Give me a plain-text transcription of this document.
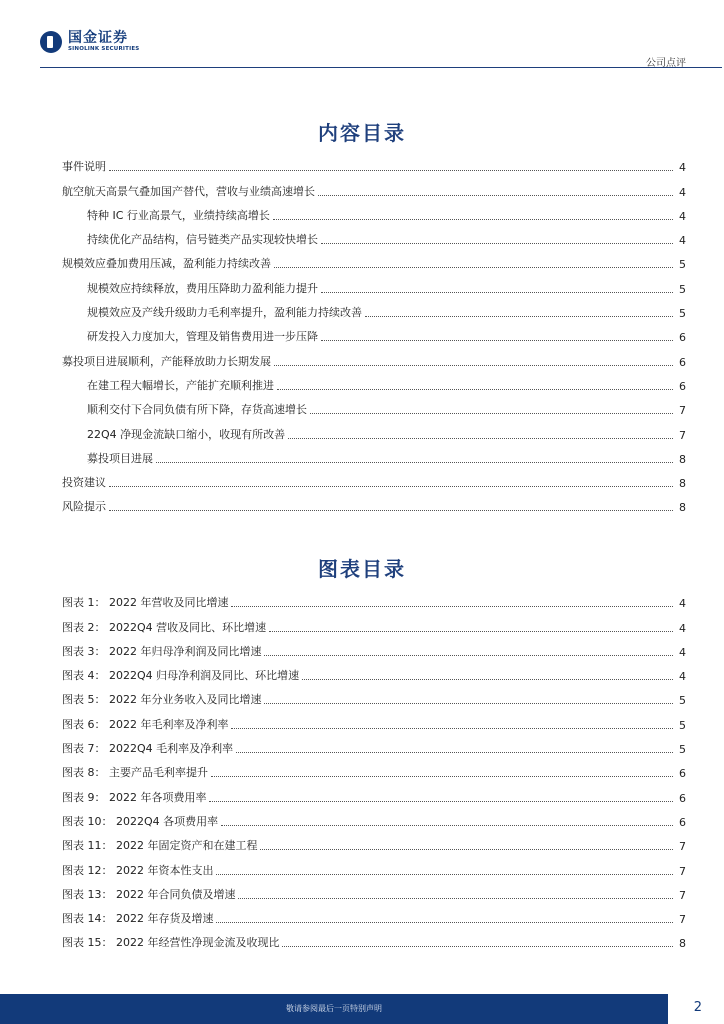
国金证券
SINOLINK SECURITIES
公司点评
内容目录
事件说明	4
航空航天高景气叠加国产替代，营收与业绩高速增长	4
特种 IC 行业高景气，业绩持续高增长	4
持续优化产品结构，信号链类产品实现较快增长	4
规模效应叠加费用压减，盈利能力持续改善	5
规模效应持续释放，费用压降助力盈利能力提升	5
规模效应及产线升级助力毛利率提升，盈利能力持续改善	5
研发投入力度加大，管理及销售费用进一步压降	6
募投项目进展顺利，产能释放助力长期发展	6
在建工程大幅增长，产能扩充顺利推进	6
顺利交付下合同负债有所下降，存货高速增长	7
22Q4 净现金流缺口缩小，收现有所改善	7
募投项目进展	8
投资建议	8
风险提示	8
图表目录
图表 1： 2022 年营收及同比增速	4
图表 2： 2022Q4 营收及同比、环比增速	4
图表 3： 2022 年归母净利润及同比增速	4
图表 4： 2022Q4 归母净利润及同比、环比增速	4
图表 5： 2022 年分业务收入及同比增速	5
图表 6： 2022 年毛利率及净利率	5
图表 7： 2022Q4 毛利率及净利率	5
图表 8： 主要产品毛利率提升	6
图表 9： 2022 年各项费用率	6
图表 10： 2022Q4 各项费用率	6
图表 11： 2022 年固定资产和在建工程	7
图表 12： 2022 年资本性支出	7
图表 13： 2022 年合同负债及增速	7
图表 14： 2022 年存货及增速	7
图表 15： 2022 年经营性净现金流及收现比	8
敬请参阅最后一页特别声明	2
